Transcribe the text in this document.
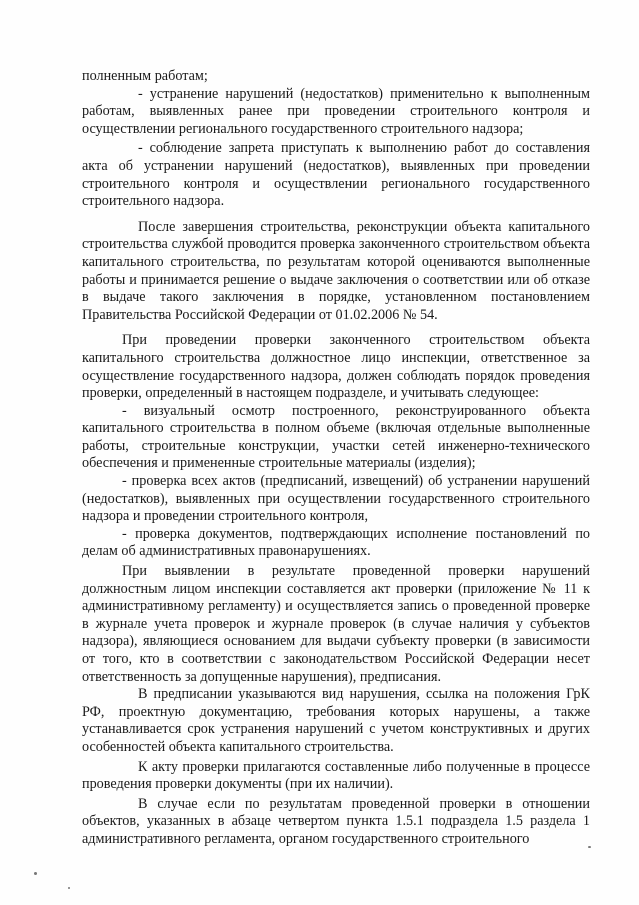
полненным работам;

- устранение нарушений (недостатков) применительно к выполненным работам, выявленных ранее при проведении строительного контроля и осуществлении регионального государственного строительного надзора;

- соблюдение запрета приступать к выполнению работ до составления акта об устранении нарушений (недостатков), выявленных при проведении строительного контроля и осуществлении регионального государственного строительного надзора.

После завершения строительства, реконструкции объекта капитального строительства службой проводится проверка законченного строительством объекта капитального строительства, по результатам которой оцениваются выполненные работы и принимается решение о выдаче заключения о соответствии или об отказе в выдаче такого заключения в порядке, установленном постановлением Правительства Российской Федерации от 01.02.2006 № 54.

При проведении проверки законченного строительством объекта капитального строительства должностное лицо инспекции, ответственное за осуществление государственного надзора, должен соблюдать порядок проведения проверки, определенный в настоящем подразделе, и учитывать следующее:

- визуальный осмотр построенного, реконструированного объекта капитального строительства в полном объеме (включая отдельные выполненные работы, строительные конструкции, участки сетей инженерно-технического обеспечения и примененные строительные материалы (изделия);

- проверка всех актов (предписаний, извещений) об устранении нарушений (недостатков), выявленных при осуществлении государственного строительного надзора и проведении строительного контроля,

- проверка документов, подтверждающих исполнение постановлений по делам об административных правонарушениях.

При выявлении в результате проведенной проверки нарушений должностным лицом инспекции составляется акт проверки (приложение № 11 к административному регламенту) и осуществляется запись о проведенной проверке в журнале учета проверок и журнале проверок (в случае наличия у субъектов надзора), являющиеся основанием для выдачи субъекту проверки (в зависимости от того, кто в соответствии с законодательством Российской Федерации несет ответственность за допущенные нарушения), предписания.

В предписании указываются вид нарушения, ссылка на положения ГрК РФ, проектную документацию, требования которых нарушены, а также устанавливается срок устранения нарушений с учетом конструктивных и других особенностей объекта капитального строительства.

К акту проверки прилагаются составленные либо полученные в процессе проведения проверки документы (при их наличии).

В случае если по результатам проведенной проверки в отношении объектов, указанных в абзаце четвертом пункта 1.5.1 подраздела 1.5 раздела 1 административного регламента, органом государственного строительного
